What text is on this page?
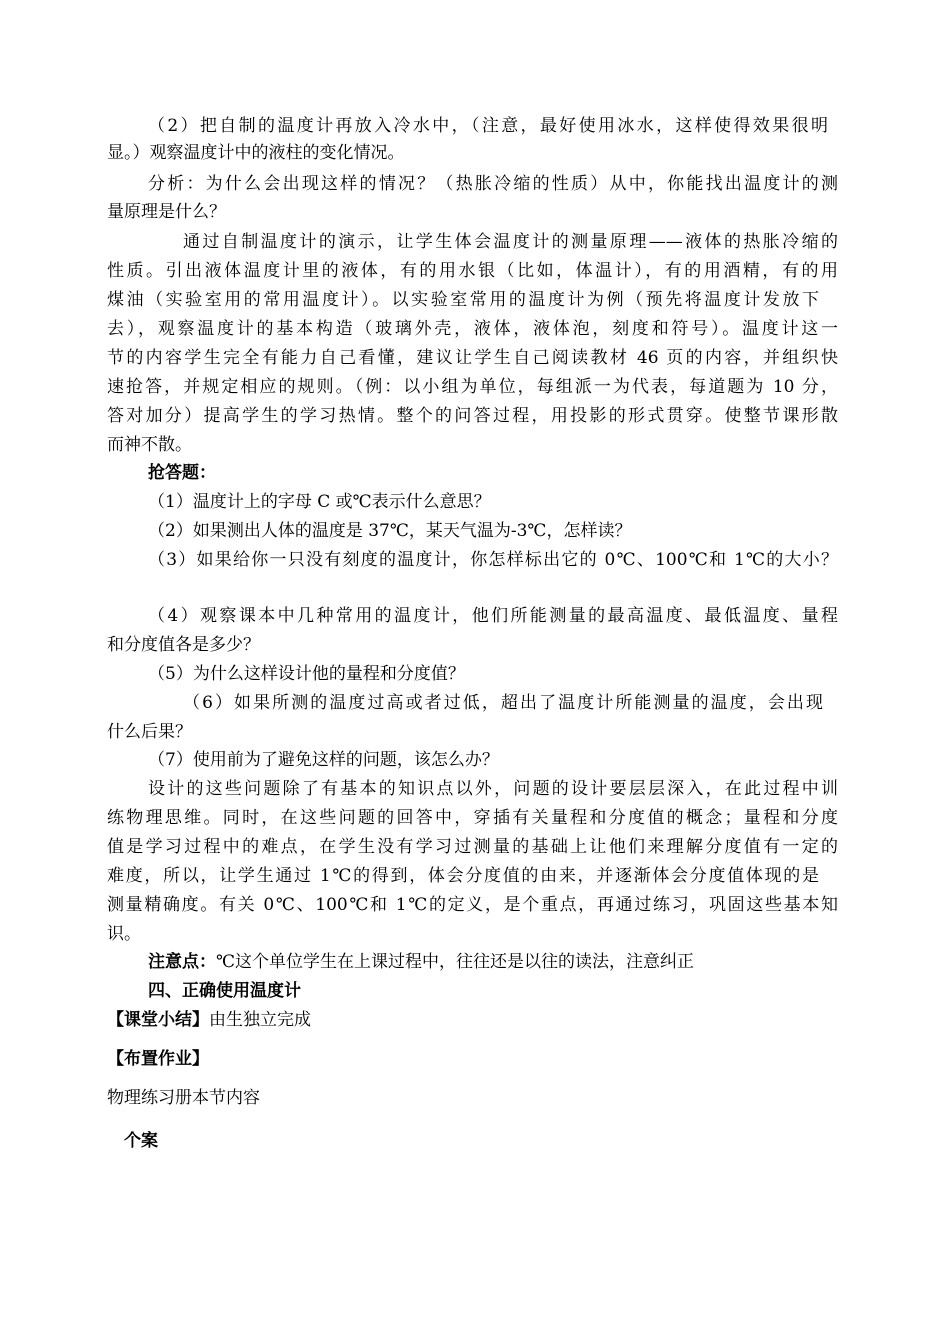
（2）把自制的温度计再放入冷水中，（注意，最好使用冰水，这样使得效果很明
显。）观察温度计中的液柱的变化情况。
分析：为什么会出现这样的情况？（热胀冷缩的性质）从中，你能找出温度计的测
量原理是什么？
通过自制温度计的演示，让学生体会温度计的测量原理——液体的热胀冷缩的
性质。引出液体温度计里的液体，有的用水银（比如，体温计），有的用酒精，有的用
煤油（实验室用的常用温度计）。以实验室常用的温度计为例（预先将温度计发放下
去），观察温度计的基本构造（玻璃外壳，液体，液体泡，刻度和符号）。温度计这一
节的内容学生完全有能力自己看懂，建议让学生自己阅读教材 46 页的内容，并组织快
速抢答，并规定相应的规则。（例：以小组为单位，每组派一为代表，每道题为 10 分，
答对加分）提高学生的学习热情。整个的问答过程，用投影的形式贯穿。使整节课形散
而神不散。
抢答题：
（1）温度计上的字母 C 或℃表示什么意思？
（2）如果测出人体的温度是 37℃，某天气温为-3℃，怎样读？
（3）如果给你一只没有刻度的温度计，你怎样标出它的 0℃、100℃和 1℃的大小？
（4）观察课本中几种常用的温度计，他们所能测量的最高温度、最低温度、量程
和分度值各是多少？
（5）为什么这样设计他的量程和分度值？
（6）如果所测的温度过高或者过低，超出了温度计所能测量的温度，会出现
什么后果？
（7）使用前为了避免这样的问题，该怎么办？
设计的这些问题除了有基本的知识点以外，问题的设计要层层深入，在此过程中训
练物理思维。同时，在这些问题的回答中，穿插有关量程和分度值的概念；量程和分度
值是学习过程中的难点，在学生没有学习过测量的基础上让他们来理解分度值有一定的
难度，所以，让学生通过 1℃的得到，体会分度值的由来，并逐渐体会分度值体现的是
测量精确度。有关 0℃、100℃和 1℃的定义，是个重点，再通过练习，巩固这些基本知
识。
注意点：℃这个单位学生在上课过程中，往往还是以往的读法，注意纠正
四、正确使用温度计
【课堂小结】由生独立完成
【布置作业】
物理练习册本节内容
个案
